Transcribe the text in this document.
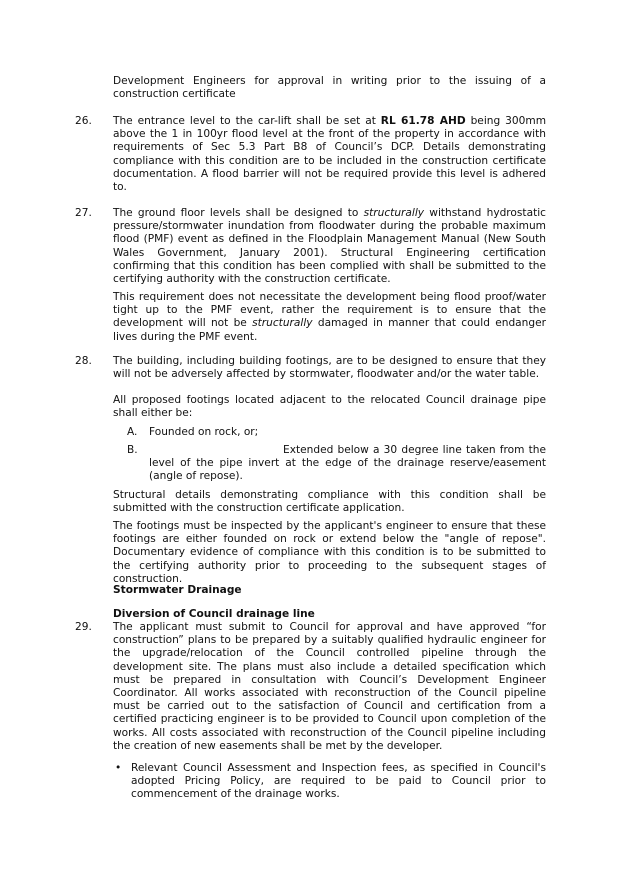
Development Engineers for approval in writing prior to the issuing of a construction certificate

26. The entrance level to the car-lift shall be set at RL 61.78 AHD being 300mm above the 1 in 100yr flood level at the front of the property in accordance with requirements of Sec 5.3 Part B8 of Council’s DCP. Details demonstrating compliance with this condition are to be included in the construction certificate documentation. A flood barrier will not be required provide this level is adhered to.

27. The ground floor levels shall be designed to structurally withstand hydrostatic pressure/stormwater inundation from floodwater during the probable maximum flood (PMF) event as defined in the Floodplain Management Manual (New South Wales Government, January 2001). Structural Engineering certification confirming that this condition has been complied with shall be submitted to the certifying authority with the construction certificate.

This requirement does not necessitate the development being flood proof/water tight up to the PMF event, rather the requirement is to ensure that the development will not be structurally damaged in manner that could endanger lives during the PMF event.

28. The building, including building footings, are to be designed to ensure that they will not be adversely affected by stormwater, floodwater and/or the water table.

All proposed footings located adjacent to the relocated Council drainage pipe shall either be:

A. Founded on rock, or;

B.	Extended below a 30 degree line taken from the level of the pipe invert at the edge of the drainage reserve/easement (angle of repose).

Structural details demonstrating compliance with this condition shall be submitted with the construction certificate application.

The footings must be inspected by the applicant's engineer to ensure that these footings are either founded on rock or extend below the "angle of repose". Documentary evidence of compliance with this condition is to be submitted to the certifying authority prior to proceeding to the subsequent stages of construction.

Stormwater Drainage

Diversion of Council drainage line

29. The applicant must submit to Council for approval and have approved “for construction” plans to be prepared by a suitably qualified hydraulic engineer for the upgrade/relocation of the Council controlled pipeline through the development site. The plans must also include a detailed specification which must be prepared in consultation with Council’s Development Engineer Coordinator. All works associated with reconstruction of the Council pipeline must be carried out to the satisfaction of Council and certification from a certified practicing engineer is to be provided to Council upon completion of the works. All costs associated with reconstruction of the Council pipeline including the creation of new easements shall be met by the developer.

• Relevant Council Assessment and Inspection fees, as specified in Council's adopted Pricing Policy, are required to be paid to Council prior to commencement of the drainage works.
